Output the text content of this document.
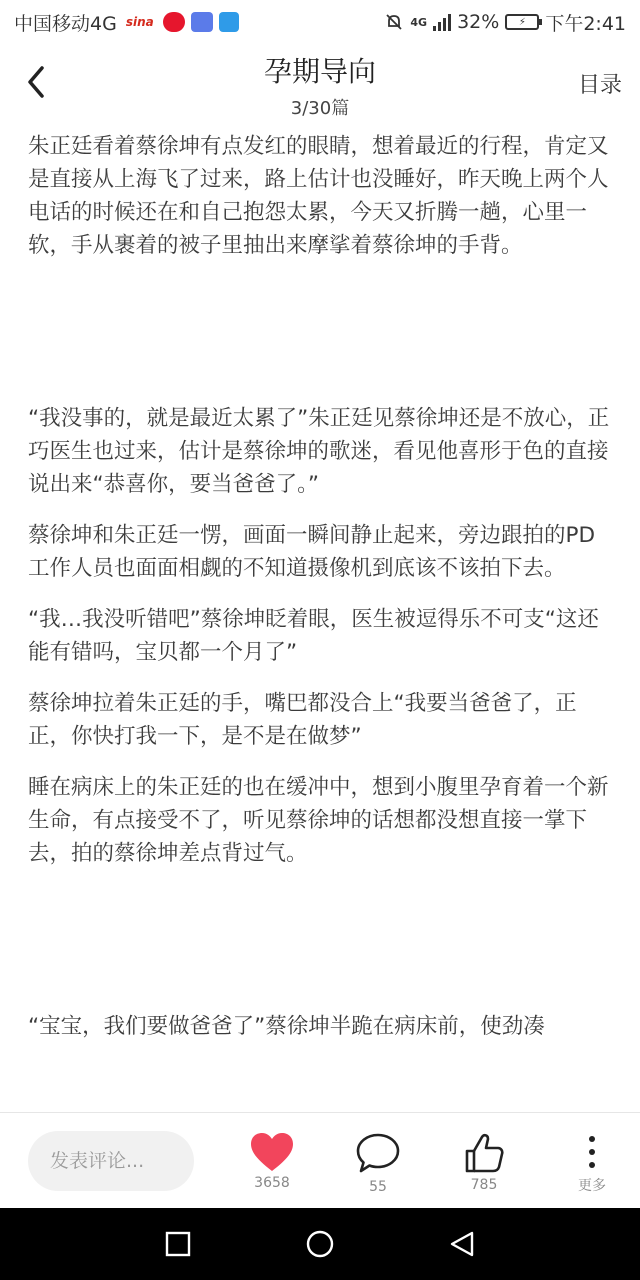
中国移动4G sina	4G 32%	⚡	下午2:41
孕期导向
3/30篇
目录

朱正廷看着蔡徐坤有点发红的眼睛，想着最近的行程，肯定又是直接从上海飞了过来，路上估计也没睡好，昨天晚上两个人电话的时候还在和自己抱怨太累，今天又折腾一趟，心里一软，手从裹着的被子里抽出来摩挲着蔡徐坤的手背。

“我没事的，就是最近太累了”朱正廷见蔡徐坤还是不放心，正巧医生也过来，估计是蔡徐坤的歌迷，看见他喜形于色的直接说出来“恭喜你，要当爸爸了。”

蔡徐坤和朱正廷一愣，画面一瞬间静止起来，旁边跟拍的PD工作人员也面面相觑的不知道摄像机到底该不该拍下去。

“我…我没听错吧”蔡徐坤眨着眼，医生被逗得乐不可支“这还能有错吗，宝贝都一个月了”

蔡徐坤拉着朱正廷的手，嘴巴都没合上“我要当爸爸了，正正，你快打我一下，是不是在做梦”

睡在病床上的朱正廷的也在缓冲中，想到小腹里孕育着一个新生命，有点接受不了，听见蔡徐坤的话想都没想直接一掌下去，拍的蔡徐坤差点背过气。

“宝宝，我们要做爸爸了”蔡徐坤半跪在病床前，使劲凑

发表评论...
3658	55	785	更多
